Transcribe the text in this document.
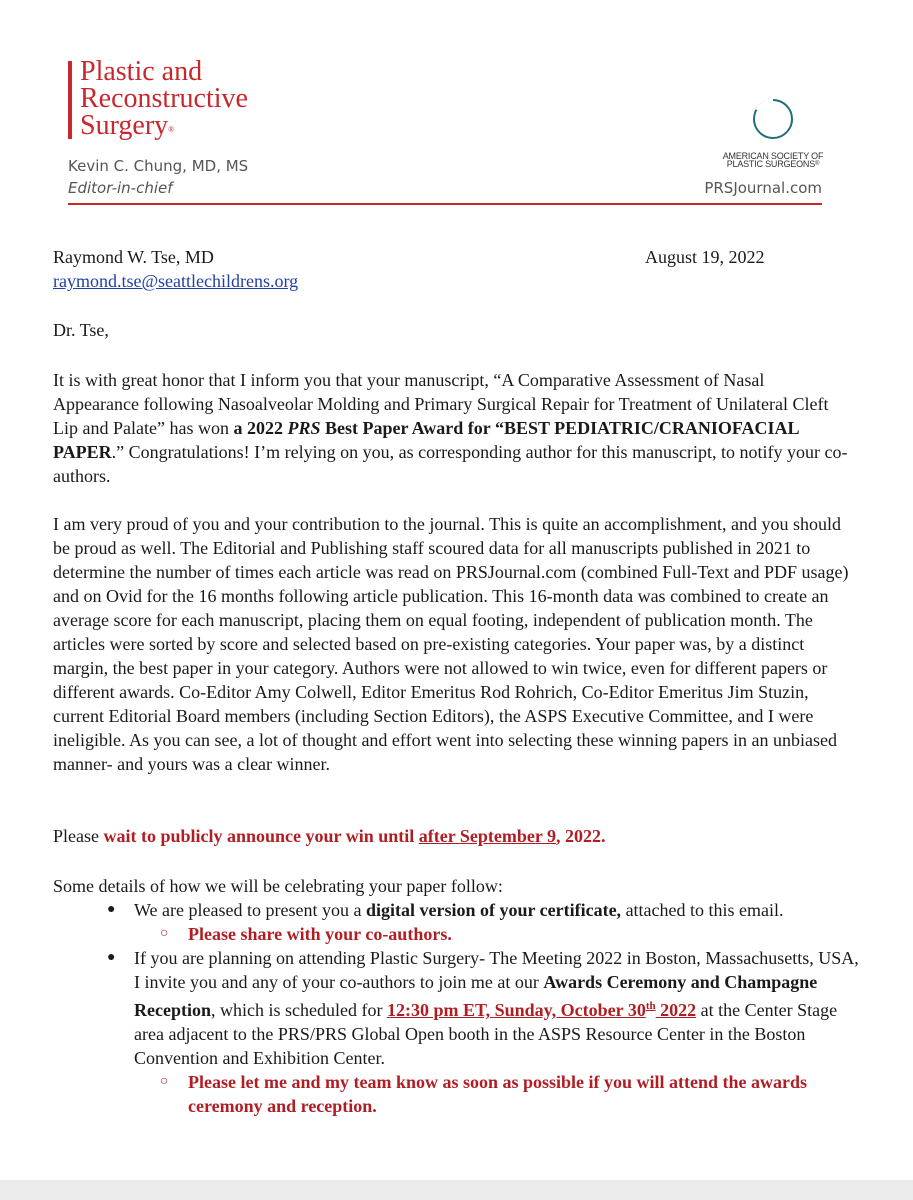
Plastic and
Reconstructive
Surgery®
Kevin C. Chung, MD, MS
Editor-in-chief
AMERICAN SOCIETY OF
PLASTIC SURGEONS®
PRSJournal.com
Raymond W. Tse, MD	August 19, 2022
raymond.tse@seattlechildrens.org
Dr. Tse,
It is with great honor that I inform you that your manuscript, “A Comparative Assessment of Nasal Appearance following Nasoalveolar Molding and Primary Surgical Repair for Treatment of Unilateral Cleft Lip and Palate” has won a 2022 PRS Best Paper Award for “BEST PEDIATRIC/CRANIOFACIAL PAPER.” Congratulations! I’m relying on you, as corresponding author for this manuscript, to notify your co-authors.
I am very proud of you and your contribution to the journal. This is quite an accomplishment, and you should be proud as well. The Editorial and Publishing staff scoured data for all manuscripts published in 2021 to determine the number of times each article was read on PRSJournal.com (combined Full-Text and PDF usage) and on Ovid for the 16 months following article publication. This 16-month data was combined to create an average score for each manuscript, placing them on equal footing, independent of publication month. The articles were sorted by score and selected based on pre-existing categories. Your paper was, by a distinct margin, the best paper in your category. Authors were not allowed to win twice, even for different papers or different awards. Co-Editor Amy Colwell, Editor Emeritus Rod Rohrich, Co-Editor Emeritus Jim Stuzin, current Editorial Board members (including Section Editors), the ASPS Executive Committee, and I were ineligible. As you can see, a lot of thought and effort went into selecting these winning papers in an unbiased manner- and yours was a clear winner.
Please wait to publicly announce your win until after September 9, 2022.
Some details of how we will be celebrating your paper follow:
● We are pleased to present you a digital version of your certificate, attached to this email.
○ Please share with your co-authors.
● If you are planning on attending Plastic Surgery- The Meeting 2022 in Boston, Massachusetts, USA, I invite you and any of your co-authors to join me at our Awards Ceremony and Champagne Reception, which is scheduled for 12:30 pm ET, Sunday, October 30th 2022 at the Center Stage area adjacent to the PRS/PRS Global Open booth in the ASPS Resource Center in the Boston Convention and Exhibition Center.
○ Please let me and my team know as soon as possible if you will attend the awards ceremony and reception.
